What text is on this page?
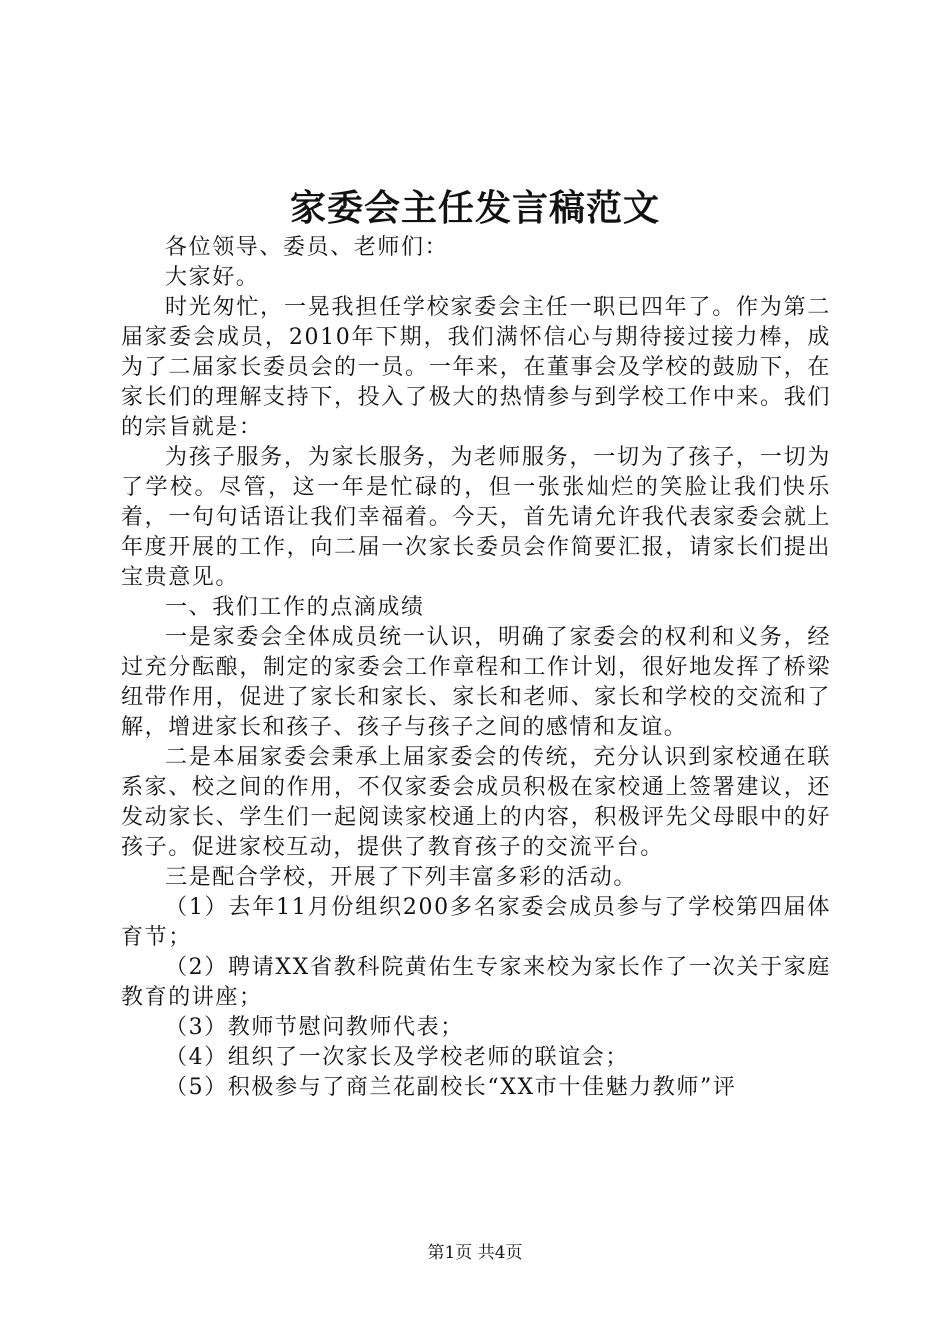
家委会主任发言稿范文

各位领导、委员、老师们：

大家好。

时光匆忙，一晃我担任学校家委会主任一职已四年了。作为第二届家委会成员，2010年下期，我们满怀信心与期待接过接力棒，成为了二届家长委员会的一员。一年来，在董事会及学校的鼓励下，在家长们的理解支持下，投入了极大的热情参与到学校工作中来。我们的宗旨就是：

为孩子服务，为家长服务，为老师服务，一切为了孩子，一切为了学校。尽管，这一年是忙碌的，但一张张灿烂的笑脸让我们快乐着，一句句话语让我们幸福着。今天，首先请允许我代表家委会就上年度开展的工作，向二届一次家长委员会作简要汇报，请家长们提出宝贵意见。

一、我们工作的点滴成绩

一是家委会全体成员统一认识，明确了家委会的权利和义务，经过充分酝酿，制定的家委会工作章程和工作计划，很好地发挥了桥梁纽带作用，促进了家长和家长、家长和老师、家长和学校的交流和了解，增进家长和孩子、孩子与孩子之间的感情和友谊。

二是本届家委会秉承上届家委会的传统，充分认识到家校通在联系家、校之间的作用，不仅家委会成员积极在家校通上签署建议，还发动家长、学生们一起阅读家校通上的内容，积极评先父母眼中的好孩子。促进家校互动，提供了教育孩子的交流平台。

三是配合学校，开展了下列丰富多彩的活动。

（1）去年11月份组织200多名家委会成员参与了学校第四届体育节；

（2）聘请XX省教科院黄佑生专家来校为家长作了一次关于家庭教育的讲座；

（3）教师节慰问教师代表；

（4）组织了一次家长及学校老师的联谊会；

（5）积极参与了商兰花副校长“XX市十佳魅力教师”评

第1页 共4页
